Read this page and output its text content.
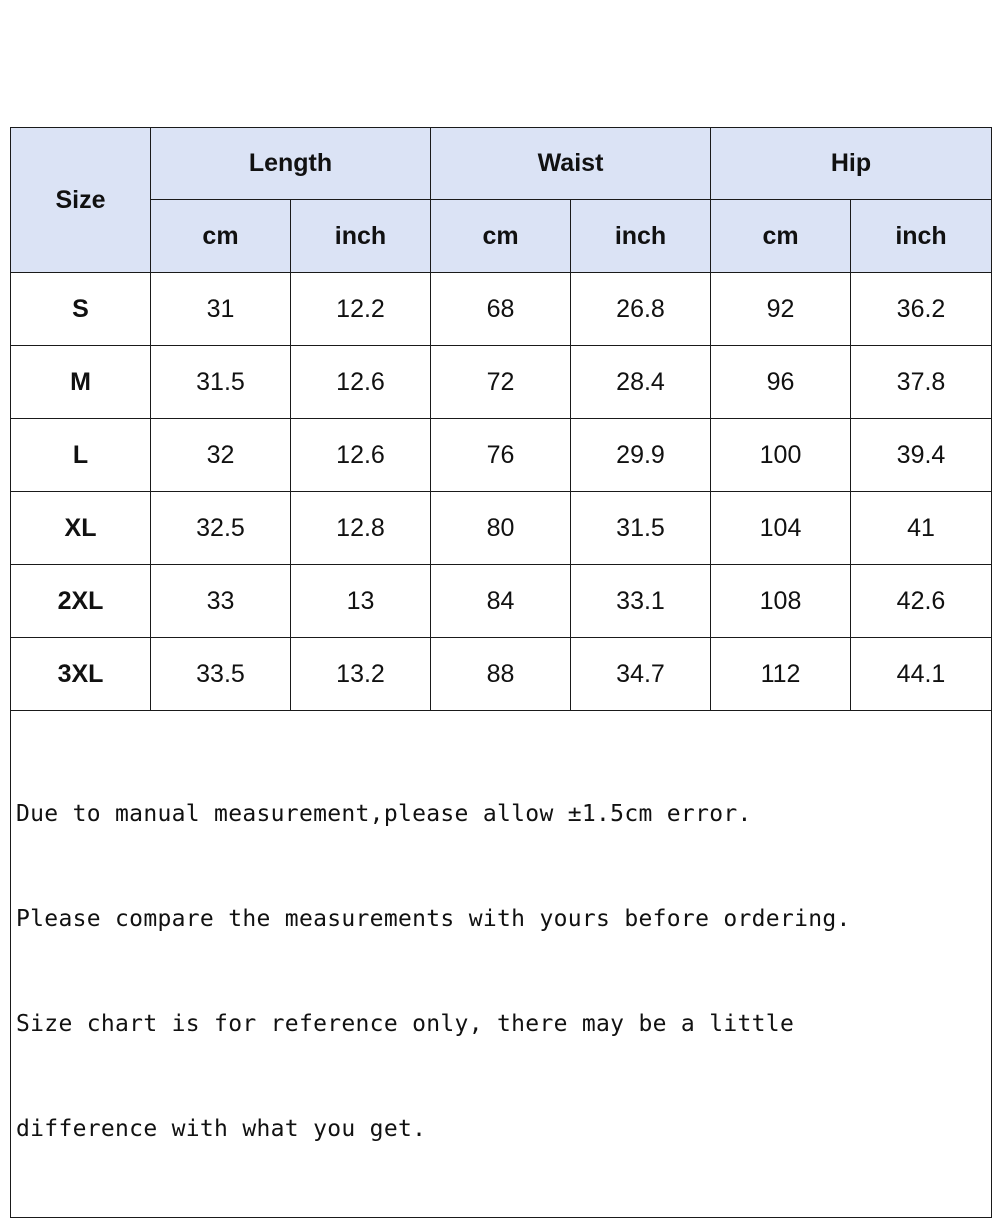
Size	Length		Waist		Hip	
	cm	inch	cm	inch	cm	inch
S	31	12.2	68	26.8	92	36.2
M	31.5	12.6	72	28.4	96	37.8
L	32	12.6	76	29.9	100	39.4
XL	32.5	12.8	80	31.5	104	41
2XL	33	13	84	33.1	108	42.6
3XL	33.5	13.2	88	34.7	112	44.1

Due to manual measurement,please allow ±1.5cm error.

Please compare the measurements with yours before ordering.

Size chart is for reference only, there may be a little

difference with what you get.						
